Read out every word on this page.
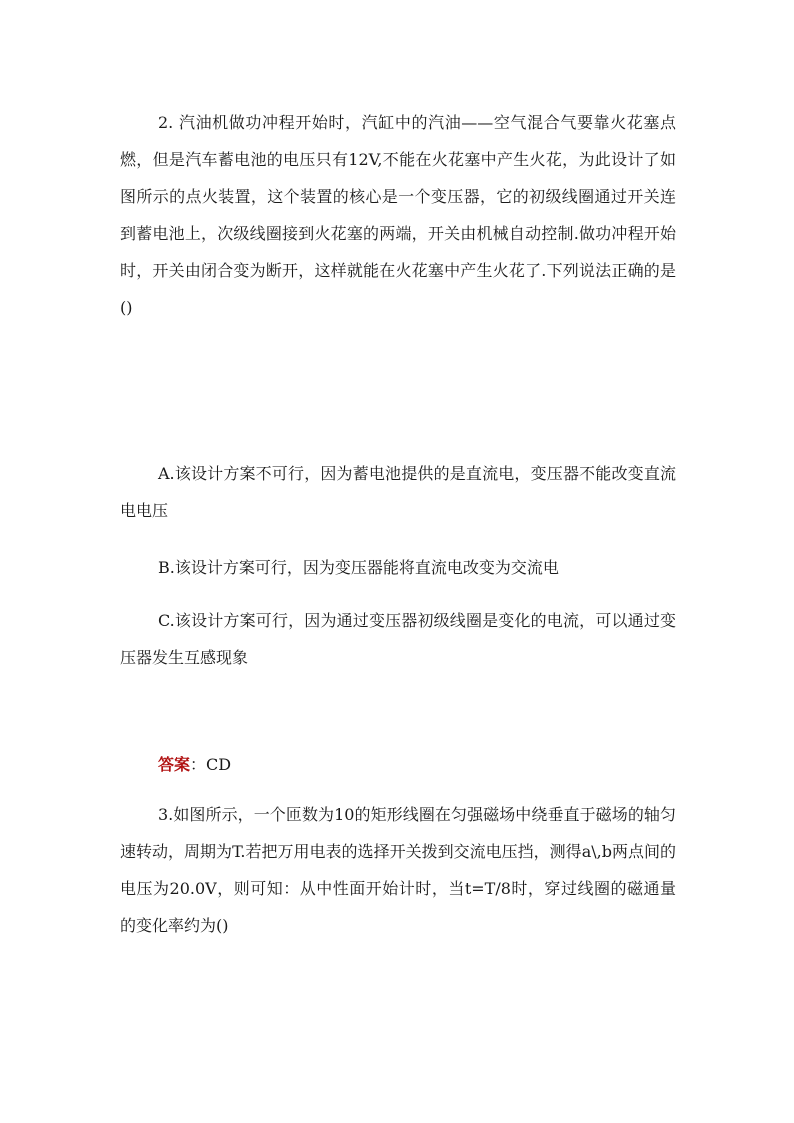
2. 汽油机做功冲程开始时，汽缸中的汽油——空气混合气要靠火花塞点燃，但是汽车蓄电池的电压只有12V,不能在火花塞中产生火花，为此设计了如图所示的点火装置，这个装置的核心是一个变压器，它的初级线圈通过开关连到蓄电池上，次级线圈接到火花塞的两端，开关由机械自动控制.做功冲程开始时，开关由闭合变为断开，这样就能在火花塞中产生火花了.下列说法正确的是()

A.该设计方案不可行，因为蓄电池提供的是直流电，变压器不能改变直流电电压

B.该设计方案可行，因为变压器能将直流电改变为交流电

C.该设计方案可行，因为通过变压器初级线圈是变化的电流，可以通过变压器发生互感现象

答案：CD

3.如图所示，一个匝数为10的矩形线圈在匀强磁场中绕垂直于磁场的轴匀速转动，周期为T.若把万用电表的选择开关拨到交流电压挡，测得a\,b两点间的电压为20.0V，则可知：从中性面开始计时，当t=T/8时，穿过线圈的磁通量的变化率约为()
